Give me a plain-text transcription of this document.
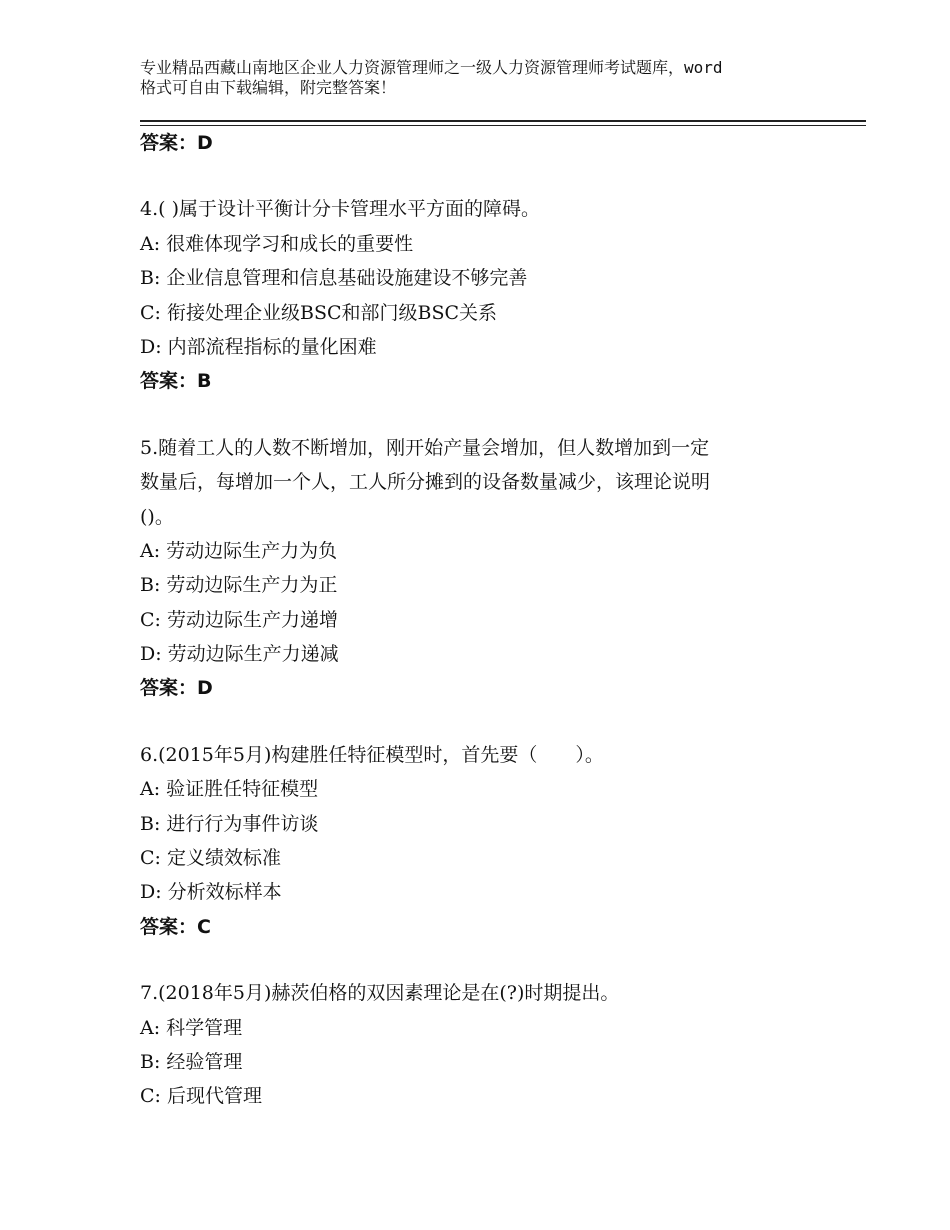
专业精品西藏山南地区企业人力资源管理师之一级人力资源管理师考试题库，word
格式可自由下载编辑，附完整答案！
答案：D
4.( )属于设计平衡计分卡管理水平方面的障碍。
A: 很难体现学习和成长的重要性
B: 企业信息管理和信息基础设施建设不够完善
C: 衔接处理企业级BSC和部门级BSC关系
D: 内部流程指标的量化困难
答案：B
5.随着工人的人数不断增加，刚开始产量会增加，但人数增加到一定
数量后，每增加一个人，工人所分摊到的设备数量减少，该理论说明
()。
A: 劳动边际生产力为负
B: 劳动边际生产力为正
C: 劳动边际生产力递增
D: 劳动边际生产力递减
答案：D
6.(2015年5月)构建胜任特征模型时，首先要（　　）。
A: 验证胜任特征模型
B: 进行行为事件访谈
C: 定义绩效标准
D: 分析效标样本
答案：C
7.(2018年5月)赫茨伯格的双因素理论是在(?)时期提出。
A: 科学管理
B: 经验管理
C: 后现代管理
